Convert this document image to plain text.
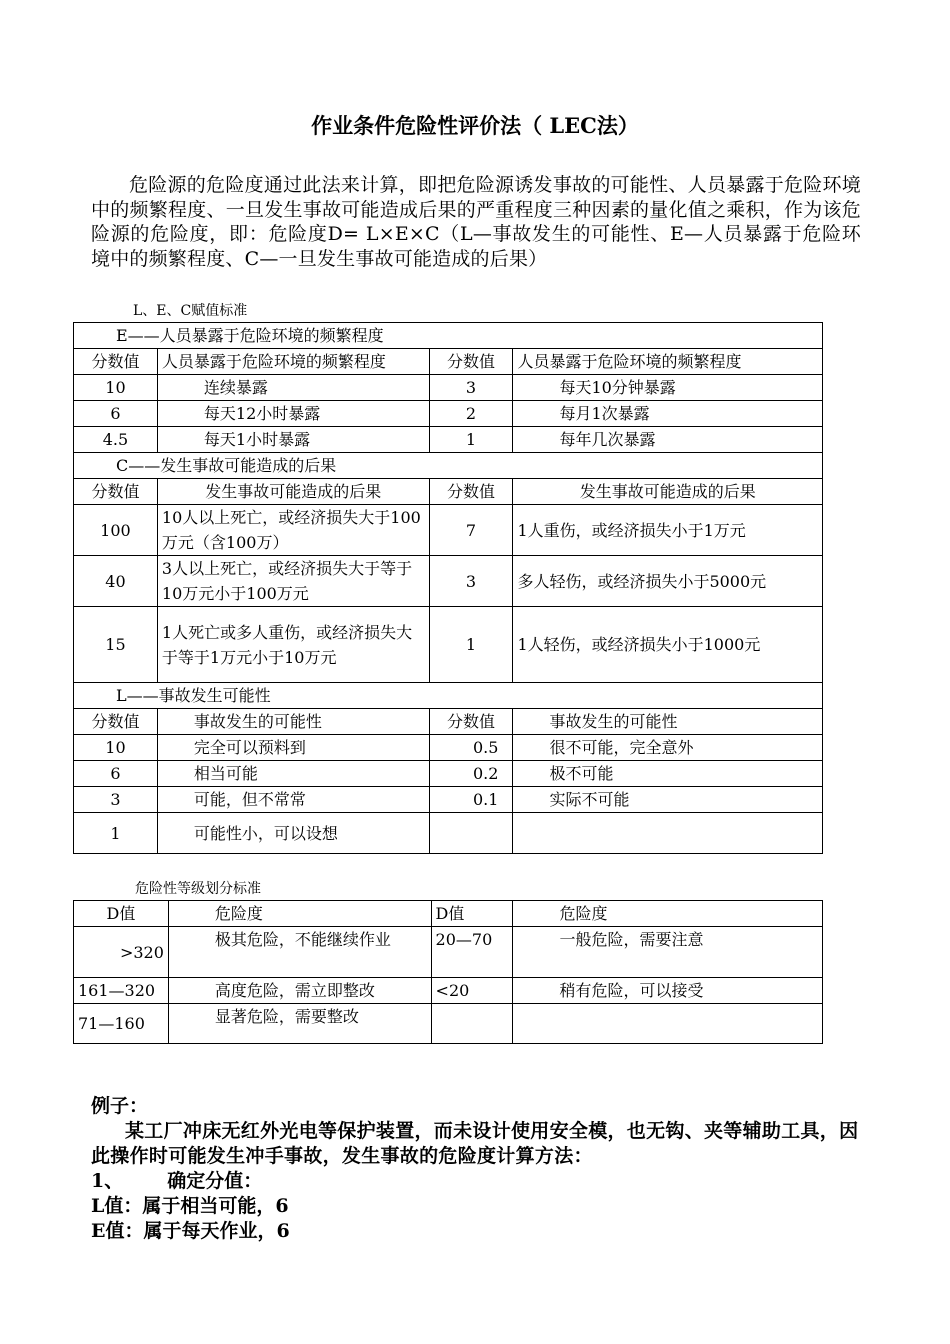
作业条件危险性评价法（ LEC法）
危险源的危险度通过此法来计算，即把危险源诱发事故的可能性、人员暴露于危险环境中的频繁程度、一旦发生事故可能造成后果的严重程度三种因素的量化值之乘积，作为该危险源的危险度，即：危险度D= L×E×C（L—事故发生的可能性、E—人员暴露于危险环境中的频繁程度、C—一旦发生事故可能造成的后果）
L、E、C赋值标准
E——人员暴露于危险环境的频繁程度			
分数值	人员暴露于危险环境的频繁程度	分数值	人员暴露于危险环境的频繁程度
10	连续暴露	3	每天10分钟暴露
6	每天12小时暴露	2	每月1次暴露
4.5	每天1小时暴露	1	每年几次暴露
C——发生事故可能造成的后果			
分数值	发生事故可能造成的后果	分数值	发生事故可能造成的后果
100	10人以上死亡，或经济损失大于100万元（含100万）	7	1人重伤，或经济损失小于1万元
40	3人以上死亡，或经济损失大于等于10万元小于100万元	3	多人轻伤，或经济损失小于5000元
15	1人死亡或多人重伤，或经济损失大于等于1万元小于10万元	1	1人轻伤，或经济损失小于1000元
L——事故发生可能性			
分数值	事故发生的可能性	分数值	事故发生的可能性
10	完全可以预料到	0.5	很不可能，完全意外
6	相当可能	0.2	极不可能
3	可能，但不常常	0.1	实际不可能
1	可能性小，可以设想		
危险性等级划分标准
D值	危险度	D值	危险度
>320	极其危险，不能继续作业	20—70	一般危险，需要注意
161—320	高度危险，需立即整改	<20	稍有危险，可以接受
71—160	显著危险，需要整改		

例子：

某工厂冲床无红外光电等保护装置，而未设计使用安全模，也无钩、夹等辅助工具，因此操作时可能发生冲手事故，发生事故的危险度计算方法：

1、 确定分值：

L值：属于相当可能，6

E值：属于每天作业，6
